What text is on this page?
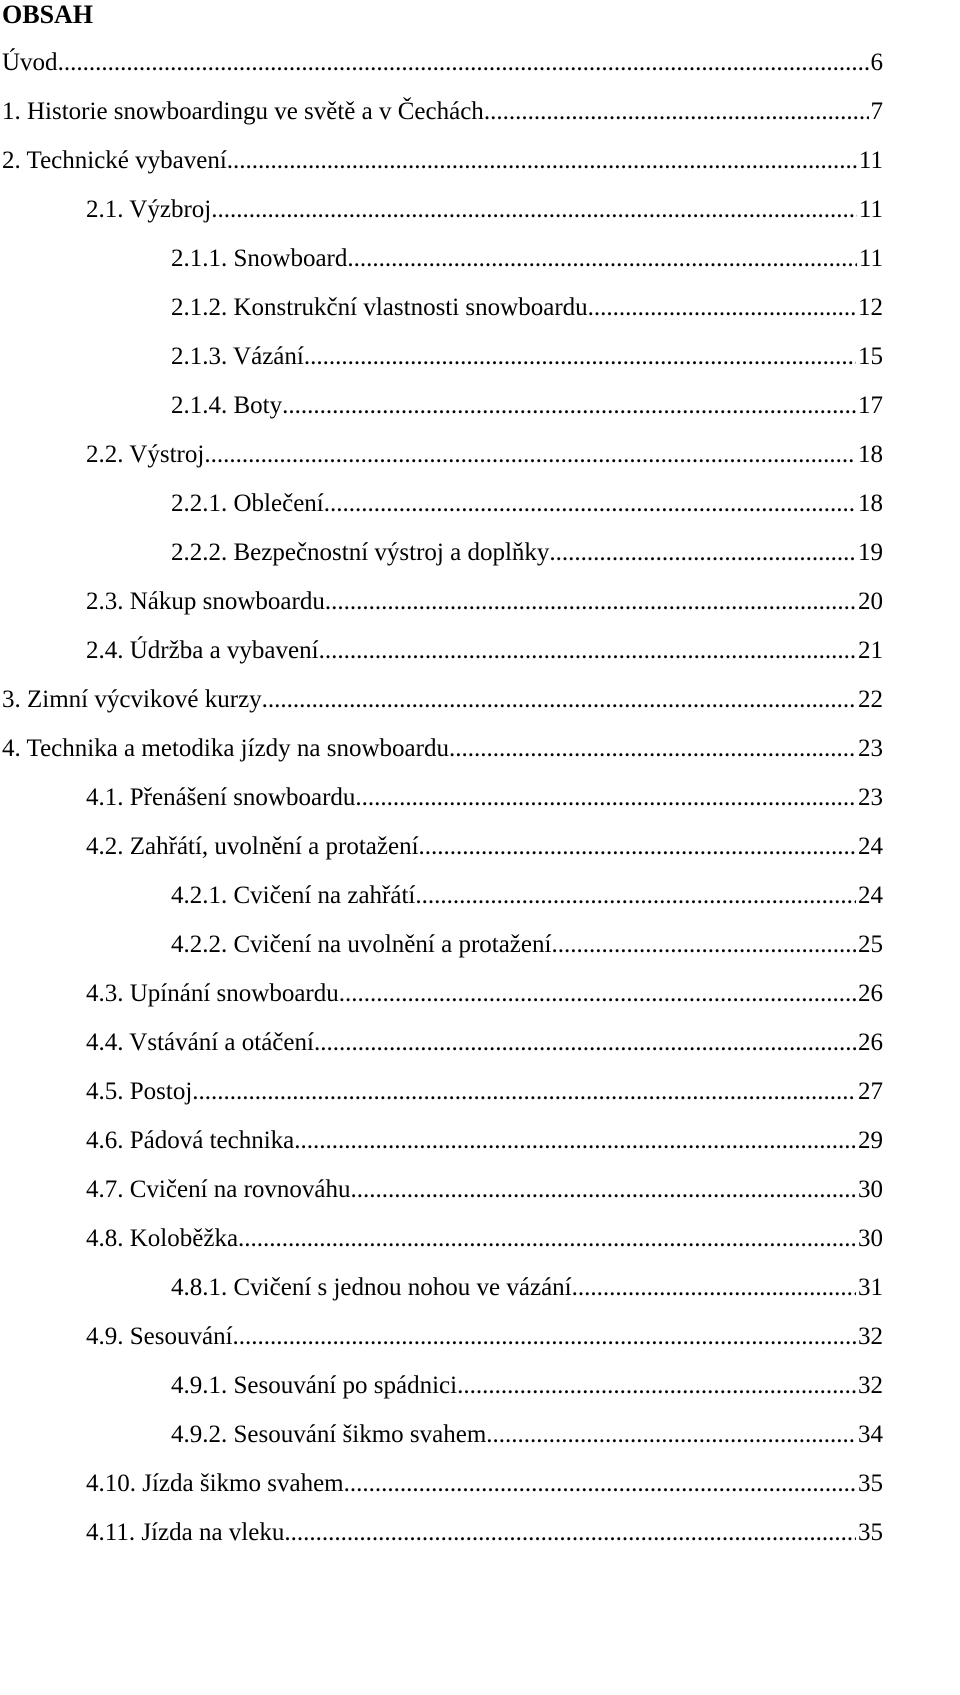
OBSAH
Úvod .....	6
1. Historie snowboardingu ve světě a v Čechách .....	7
2. Technické vybavení .....	11
2.1. Výzbroj .....	11
2.1.1. Snowboard .....	11
2.1.2. Konstrukční vlastnosti snowboardu .....	12
2.1.3. Vázání .....	15
2.1.4. Boty .....	17
2.2. Výstroj .....	18
2.2.1. Oblečení .....	18
2.2.2. Bezpečnostní výstroj a doplňky .....	19
2.3. Nákup snowboardu .....	20
2.4. Údržba a vybavení .....	21
3. Zimní výcvikové kurzy .....	22
4. Technika a metodika jízdy na snowboardu .....	23
4.1. Přenášení snowboardu .....	23
4.2. Zahřátí, uvolnění a protažení .....	24
4.2.1. Cvičení na zahřátí .....	24
4.2.2. Cvičení na uvolnění a protažení .....	25
4.3. Upínání snowboardu .....	26
4.4. Vstávání a otáčení .....	26
4.5. Postoj .....	27
4.6. Pádová technika .....	29
4.7. Cvičení na rovnováhu .....	30
4.8. Koloběžka .....	30
4.8.1. Cvičení s jednou nohou ve vázání .....	31
4.9. Sesouvání .....	32
4.9.1. Sesouvání po spádnici .....	32
4.9.2. Sesouvání šikmo svahem .....	34
4.10. Jízda šikmo svahem .....	35
4.11. Jízda na vleku .....	35
